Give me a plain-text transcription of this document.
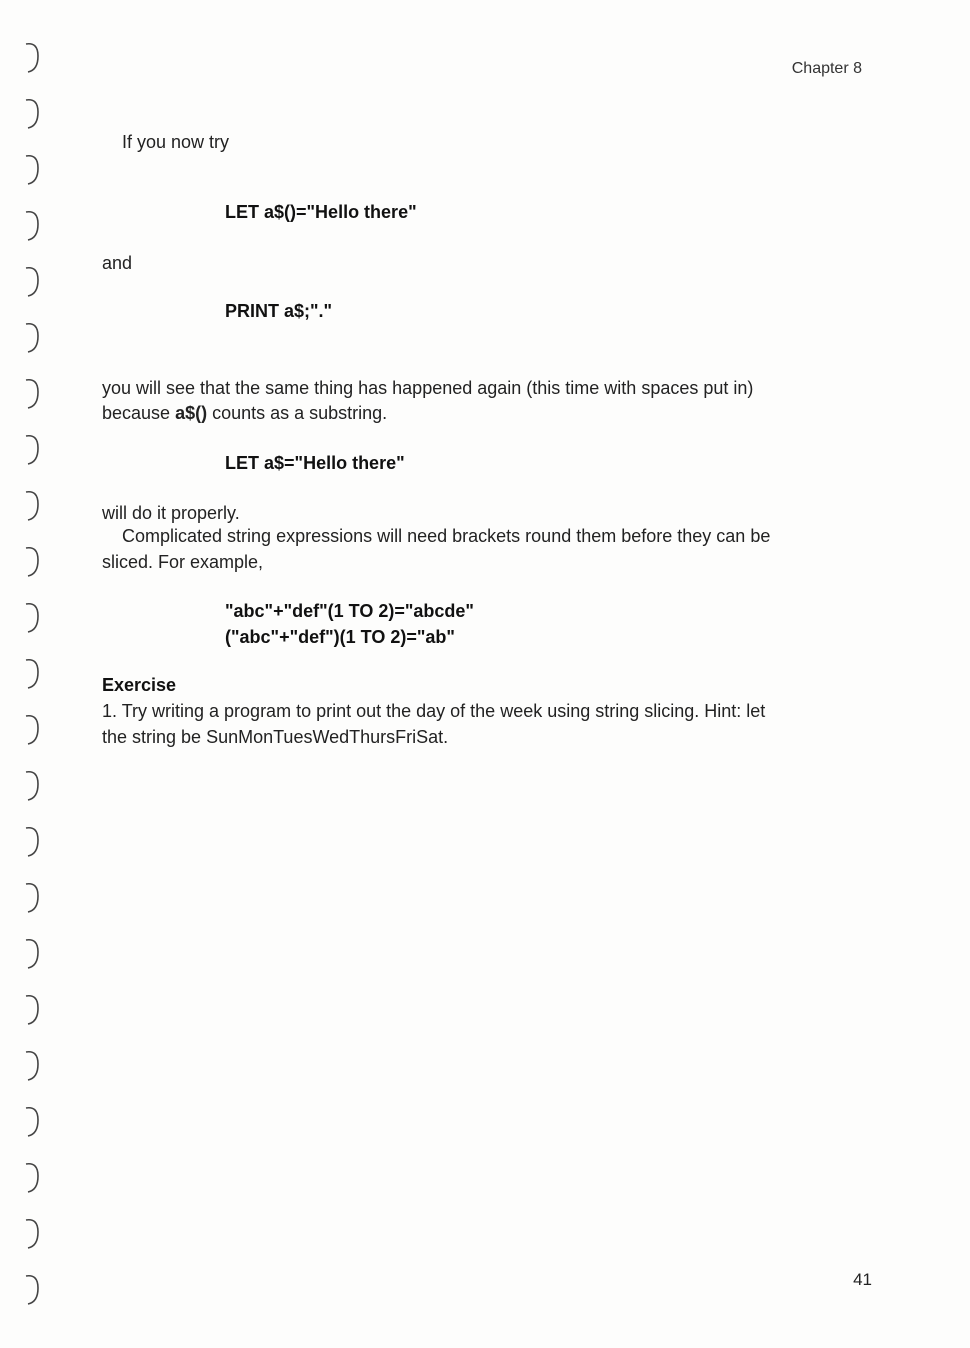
Chapter 8
If you now try
LET a$()="Hello there"
and
PRINT a$;"."
you will see that the same thing has happened again (this time with spaces put in)
because a$() counts as a substring.
LET a$="Hello there"
will do it properly.
Complicated string expressions will need brackets round them before they can be
sliced. For example,
"abc"+"def"(1 TO 2)="abcde"
("abc"+"def")(1 TO 2)="ab"
Exercise
1. Try writing a program to print out the day of the week using string slicing. Hint: let
the string be SunMonTuesWedThursFriSat.
41
